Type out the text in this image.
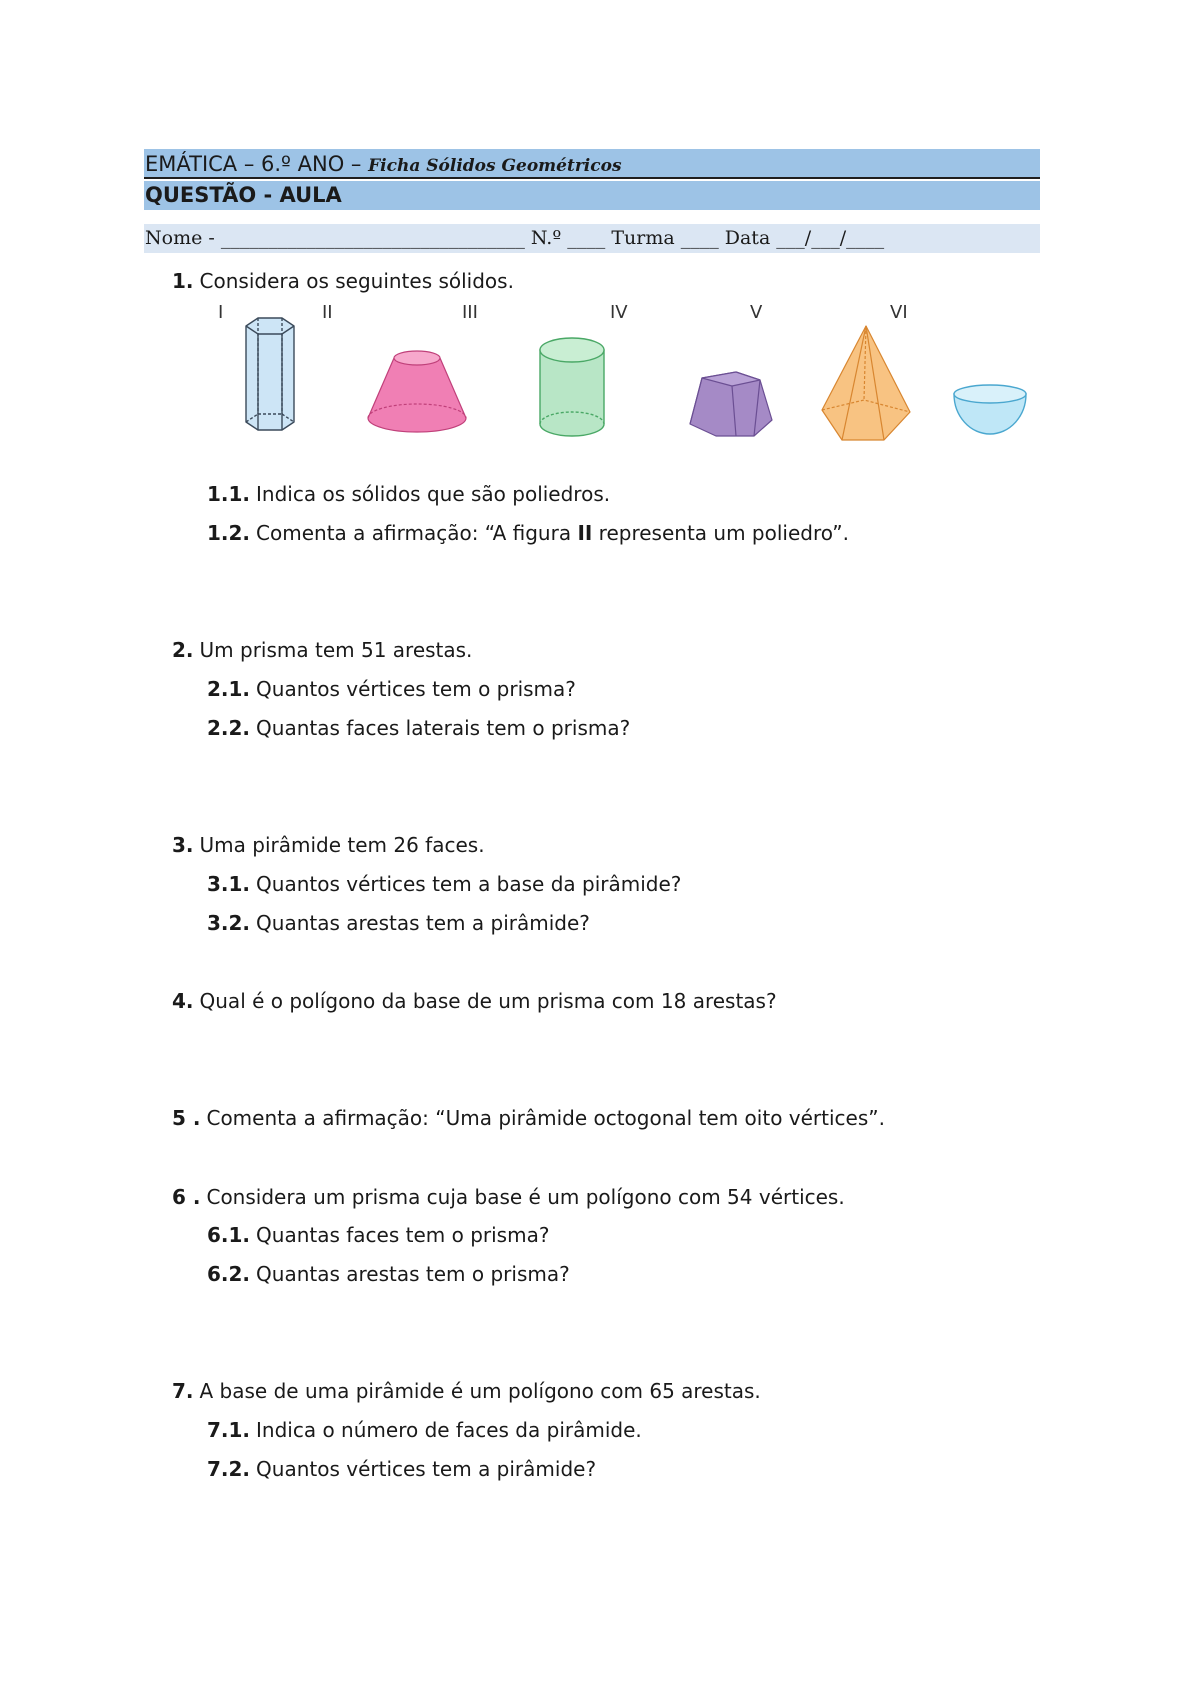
EMÁTICA – 6.º ANO – Ficha Sólidos Geométricos
QUESTÃO - AULA
Nome - ________________________________ N.º ____ Turma ____ Data ___/___/____
1. Considera os seguintes sólidos.
I	II	III	IV	V	VI
1.1. Indica os sólidos que são poliedros.
1.2. Comenta a afirmação: “A figura II representa um poliedro”.
2. Um prisma tem 51 arestas.
2.1. Quantos vértices tem o prisma?
2.2. Quantas faces laterais tem o prisma?
3. Uma pirâmide tem 26 faces.
3.1. Quantos vértices tem a base da pirâmide?
3.2. Quantas arestas tem a pirâmide?
4. Qual é o polígono da base de um prisma com 18 arestas?
5 . Comenta a afirmação: “Uma pirâmide octogonal tem oito vértices”.
6 . Considera um prisma cuja base é um polígono com 54 vértices.
6.1. Quantas faces tem o prisma?
6.2. Quantas arestas tem o prisma?
7. A base de uma pirâmide é um polígono com 65 arestas.
7.1. Indica o número de faces da pirâmide.
7.2. Quantos vértices tem a pirâmide?
